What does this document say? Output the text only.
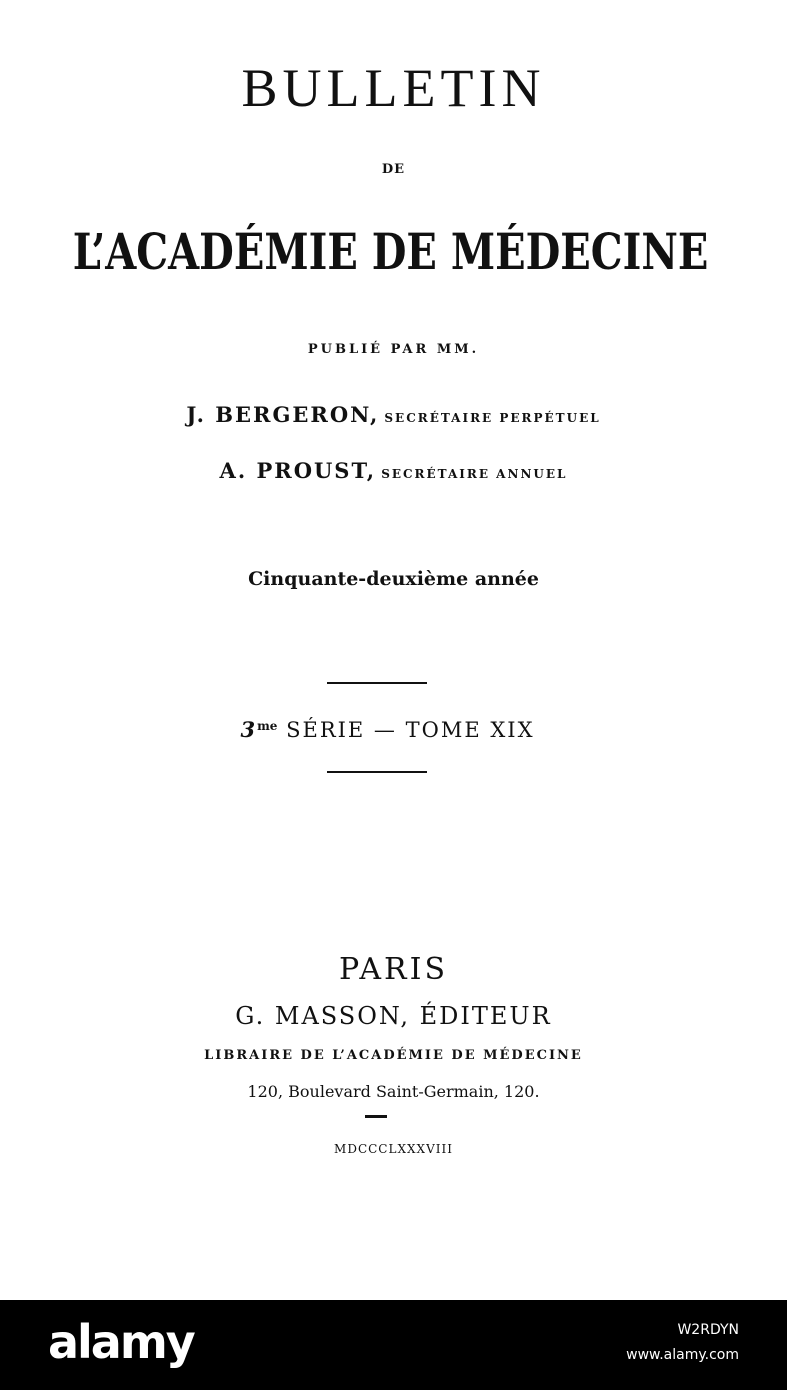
BULLETIN
DE
L’ACADÉMIE DE MÉDECINE
PUBLIÉ PAR MM.
J. BERGERON, SECRÉTAIRE PERPÉTUEL
A. PROUST, SECRÉTAIRE ANNUEL
Cinquante-deuxième année
$3^{me}$ SÉRIE — TOME XIX
PARIS
G. MASSON, ÉDITEUR
LIBRAIRE DE L’ACADÉMIE DE MÉDECINE
120, Boulevard Saint-Germain, 120.
MDCCCLXXXVIII
alamy	W2RDYN
www.alamy.com
